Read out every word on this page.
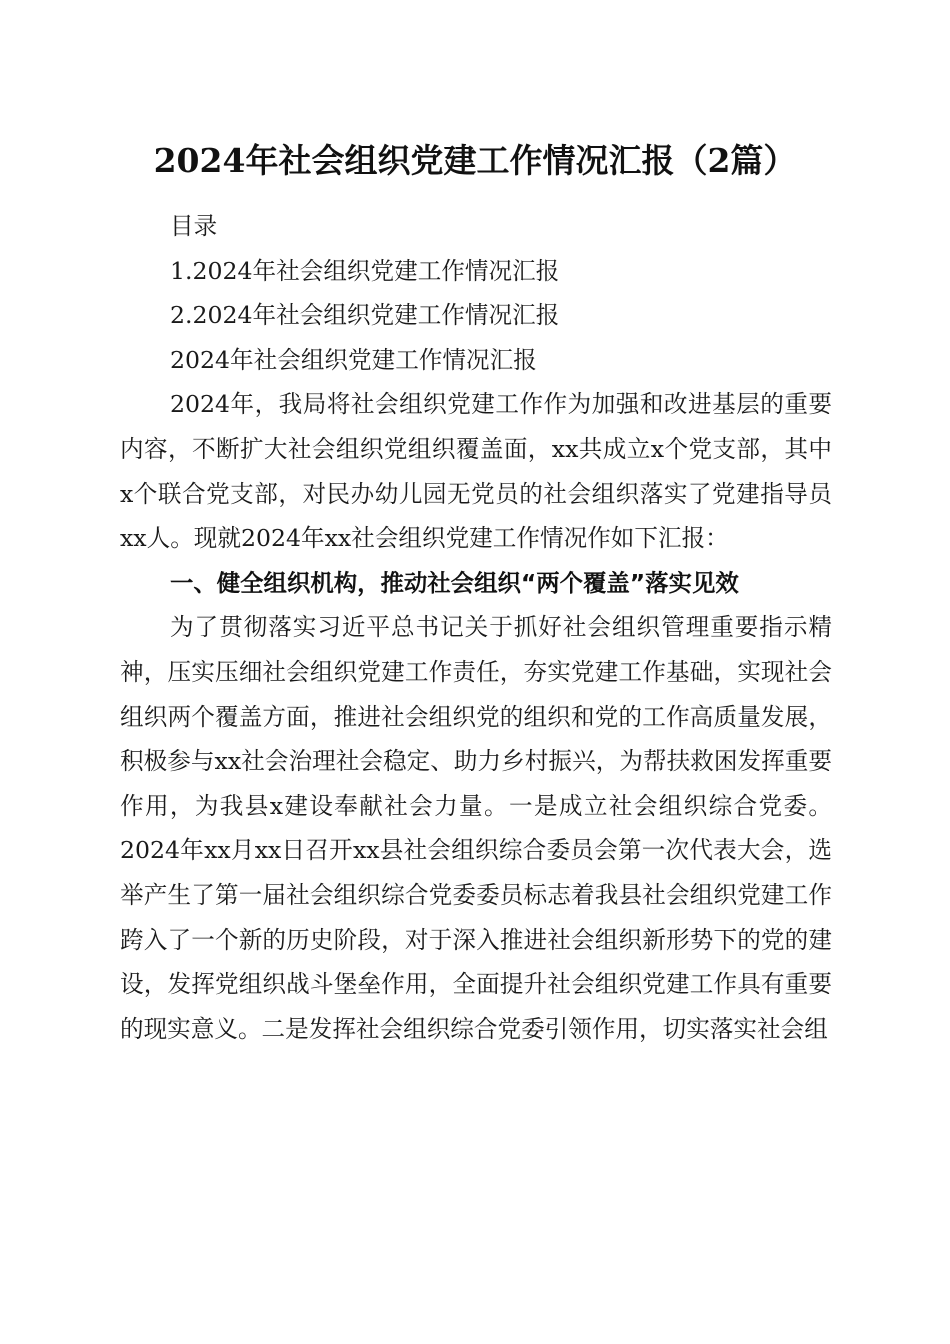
2024年社会组织党建工作情况汇报（2篇）

目录

1.2024年社会组织党建工作情况汇报

2.2024年社会组织党建工作情况汇报

2024年社会组织党建工作情况汇报

2024年，我局将社会组织党建工作作为加强和改进基层的重要内容，不断扩大社会组织党组织覆盖面，xx共成立x个党支部，其中x个联合党支部，对民办幼儿园无党员的社会组织落实了党建指导员xx人。现就2024年xx社会组织党建工作情况作如下汇报：

一、健全组织机构，推动社会组织“两个覆盖”落实见效

为了贯彻落实习近平总书记关于抓好社会组织管理重要指示精神，压实压细社会组织党建工作责任，夯实党建工作基础，实现社会组织两个覆盖方面，推进社会组织党的组织和党的工作高质量发展，积极参与xx社会治理社会稳定、助力乡村振兴，为帮扶救困发挥重要作用，为我县x建设奉献社会力量。一是成立社会组织综合党委。2024年xx月xx日召开xx县社会组织综合委员会第一次代表大会，选举产生了第一届社会组织综合党委委员标志着我县社会组织党建工作跨入了一个新的历史阶段，对于深入推进社会组织新形势下的党的建设，发挥党组织战斗堡垒作用，全面提升社会组织党建工作具有重要的现实意义。二是发挥社会组织综合党委引领作用，切实落实社会组
